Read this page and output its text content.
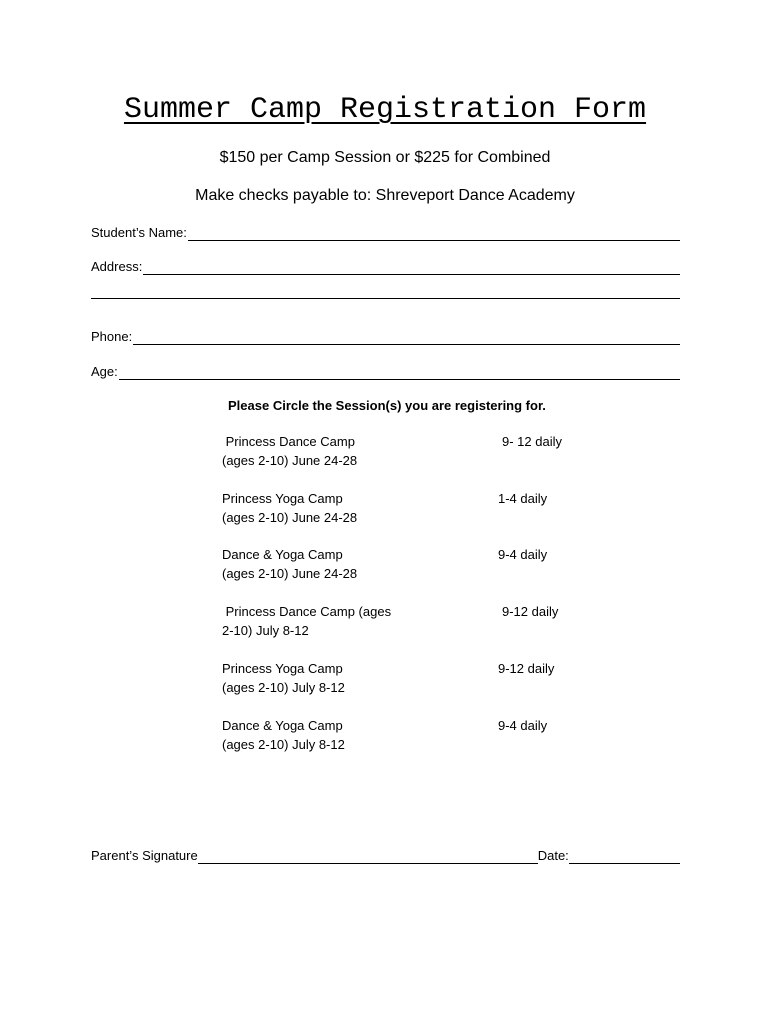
Summer Camp Registration Form
$150 per Camp Session or $225 for Combined
Make checks payable to: Shreveport Dance Academy
Student’s Name:
Address:
Phone:
Age:
Please Circle the Session(s) you are registering for.
Princess Dance Camp
(ages 2-10) June 24-28
9- 12 daily
Princess Yoga Camp
(ages 2-10) June 24-28
1-4 daily
Dance & Yoga Camp
(ages 2-10) June 24-28
9-4 daily
Princess Dance Camp (ages
2-10) July 8-12
9-12 daily
Princess Yoga Camp
(ages 2-10) July 8-12
9-12 daily
Dance & Yoga Camp
(ages 2-10) July 8-12
9-4 daily
Parent’s Signature	Date:
